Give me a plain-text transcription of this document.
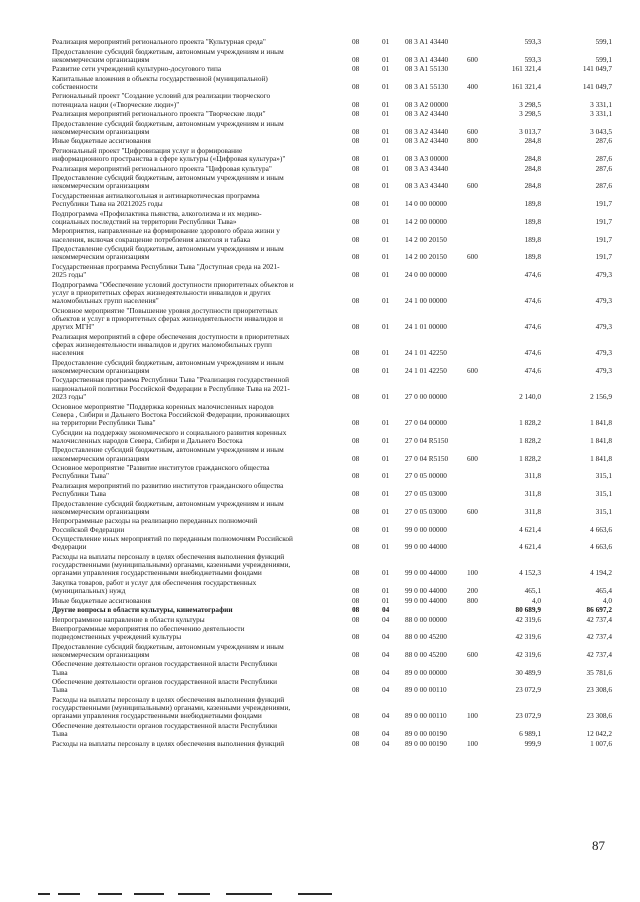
Реализация мероприятий регионального проекта "Культурная среда"	08	01 08 3 A1 43440	593,3	599,1
Предоставление субсидий бюджетным, автономным учреждениям и иным
некоммерческим организациям	08	01 08 3 A1 43440	600	593,3	599,1
Развитие сети учреждений культурно-досугового типа	08	01 08 3 A1 55130	161 321,4	141 049,7
Капитальные вложения в объекты государственной (муниципальной)
собственности	08	01 08 3 A1 55130	400	161 321,4	141 049,7
Региональный проект "Создание условий для реализации творческого
потенциала нации («Творческие люди»)"	08	01 08 3 A2 00000	3 298,5	3 331,1
Реализация мероприятий регионального проекта "Творческие люди"	08	01 08 3 A2 43440	3 298,5	3 331,1
Предоставление субсидий бюджетным, автономным учреждениям и иным
некоммерческим организациям	08	01 08 3 A2 43440	600	3 013,7	3 043,5
Иные бюджетные ассигнования	08	01 08 3 A2 43440	800	284,8	287,6
Региональный проект "Цифровизация услуг и формирование
информационного пространства в сфере культуры («Цифровая культура»)"	08	01 08 3 A3 00000	284,8	287,6
Реализация мероприятий регионального проекта "Цифровая культура"	08	01 08 3 A3 43440	284,8	287,6
Предоставление субсидий бюджетным, автономным учреждениям и иным
некоммерческим организациям	08	01 08 3 A3 43440	600	284,8	287,6
Государственная антиалкогольная и антинаркотическая программа
Республики Тыва на 20212025 годы	08	01 14 0 00 00000	189,8	191,7
Подпрограмма «Профилактика пьянства, алкоголизма и их медико-
социальных последствий на территории Республики Тыва»	08	01 14 2 00 00000	189,8	191,7
Мероприятия, направленные на формирование здорового образа жизни у
населения, включая сокращение потребления алкоголя и табака	08	01 14 2 00 20150	189,8	191,7
Предоставление субсидий бюджетным, автономным учреждениям и иным
некоммерческим организациям	08	01 14 2 00 20150	600	189,8	191,7
Государственная программа Республики Тыва "Доступная среда на 2021-
2025 годы"	08	01 24 0 00 00000	474,6	479,3
Подпрограмма "Обеспечение условий доступности приоритетных объектов и
услуг в приоритетных сферах жизнедеятельности инвалидов и других
маломобильных групп населения"	08	01 24 1 00 00000	474,6	479,3
Основное мероприятие "Повышение уровня доступности приоритетных
объектов и услуг в приоритетных сферах жизнедеятельности инвалидов и
других МГН"	08	01 24 1 01 00000	474,6	479,3
Реализация мероприятий в сфере обеспечения доступности в приоритетных
сферах жизнедеятельности инвалидов и других маломобильных групп
населения	08	01 24 1 01 42250	474,6	479,3
Предоставление субсидий бюджетным, автономным учреждениям и иным
некоммерческим организациям	08	01 24 1 01 42250	600	474,6	479,3
Государственная программа Республики Тыва "Реализация государственной
национальной политики Российской Федерации в Республике Тыва на 2021-
2023 годы"	08	01 27 0 00 00000	2 140,0	2 156,9
Основное мероприятие "Поддержка коренных малочисленных народов
Севера , Сибири и Дальнего Востока Российской Федерации, проживающих
на территории Республики Тыва"	08	01 27 0 04 00000	1 828,2	1 841,8
Субсидии на поддержку экономического и социального развития коренных
малочисленных народов Севера, Сибири и Дальнего Востока	08	01 27 0 04 R5150	1 828,2	1 841,8
Предоставление субсидий бюджетным, автономным учреждениям и иным
некоммерческим организациям	08	01 27 0 04 R5150	600	1 828,2	1 841,8
Основное мероприятие "Развитие институтов гражданского общества
Республики Тыва"	08	01 27 0 05 00000	311,8	315,1
Реализация мероприятий по развитию институтов гражданского общества
Республики Тыва	08	01 27 0 05 03000	311,8	315,1
Предоставление субсидий бюджетным, автономным учреждениям и иным
некоммерческим организациям	08	01 27 0 05 03000	600	311,8	315,1
Непрограммные расходы на реализацию переданных полномочий
Российской Федерации	08	01 99 0 00 00000	4 621,4	4 663,6
Осуществление иных мероприятий по переданным полномочиям Российской
Федерации	08	01 99 0 00 44000	4 621,4	4 663,6
Расходы на выплаты персоналу в целях обеспечения выполнения функций
государственными (муниципальными) органами, казенными учреждениями,
органами управления государственными внебюджетными фондами	08	01 99 0 00 44000	100	4 152,3	4 194,2
Закупка товаров, работ и услуг для обеспечения государственных
(муниципальных) нужд	08	01 99 0 00 44000	200	465,1	465,4
Иные бюджетные ассигнования	08	01 99 0 00 44000	800	4,0	4,0
Другие вопросы в области культуры, кинематографии	08	04	80 689,9	86 697,2
Непрограммное направление в области культуры	08	04 88 0 00 00000	42 319,6	42 737,4
Внепрограммные мероприятия по обеспечению деятельности
подведомственных учреждений культуры	08	04 88 0 00 45200	42 319,6	42 737,4
Предоставление субсидий бюджетным, автономным учреждениям и иным
некоммерческим организациям	08	04 88 0 00 45200	600	42 319,6	42 737,4
Обеспечение деятельности органов государственной власти Республики
Тыва	08	04 89 0 00 00000	30 489,9	35 781,6
Обеспечение деятельности органов государственной власти Республики
Тыва	08	04 89 0 00 00110	23 072,9	23 308,6
Расходы на выплаты персоналу в целях обеспечения выполнения функций
государственными (муниципальными) органами, казенными учреждениями,
органами управления государственными внебюджетными фондами	08	04 89 0 00 00110	100	23 072,9	23 308,6
Обеспечение деятельности органов государственной власти Республики
Тыва	08	04 89 0 00 00190	6 989,1	12 042,2
Расходы на выплаты персоналу в целях обеспечения выполнения функций	08	04 89 0 00 00190	100	999,9	1 007,6
87
